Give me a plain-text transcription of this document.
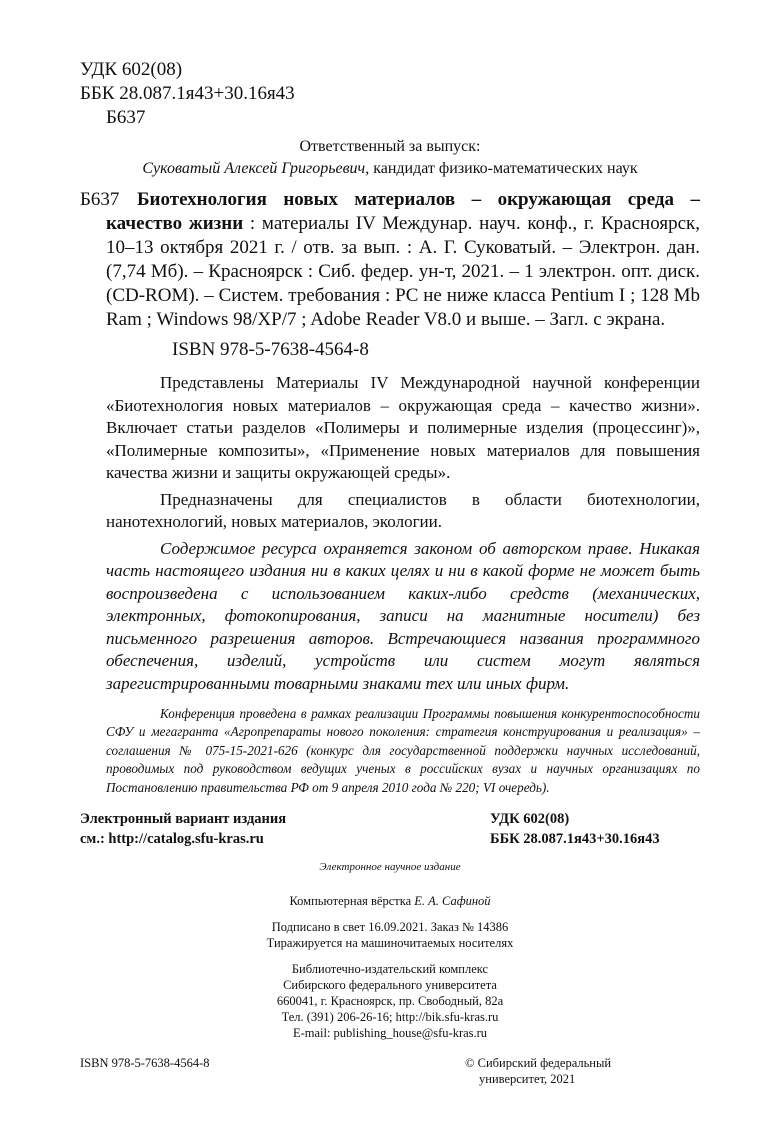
УДК 602(08)
ББК 28.087.1я43+30.16я43
Б637
Ответственный за выпуск:
Суковатый Алексей Григорьевич, кандидат физико-математических наук
Б637 Биотехнология новых материалов – окружающая среда – качество жизни : материалы IV Междунар. науч. конф., г. Красноярск, 10–13 октября 2021 г. / отв. за вып. : А. Г. Суковатый. – Электрон. дан. (7,74 Мб). – Красноярск : Сиб. федер. ун-т, 2021. – 1 электрон. опт. диск. (CD-ROM). – Систем. требования : PC не ниже класса Pentium I ; 128 Mb Ram ; Windows 98/XP/7 ; Adobe Reader V8.0 и выше. – Загл. с экрана.
ISBN 978-5-7638-4564-8

Представлены Материалы IV Международной научной конференции «Биотехнология новых материалов – окружающая среда – качество жизни». Включает статьи разделов «Полимеры и полимерные изделия (процессинг)», «Полимерные композиты», «Применение новых материалов для повышения качества жизни и защиты окружающей среды».

Предназначены для специалистов в области биотехнологии, нанотехнологий, новых материалов, экологии.

Содержимое ресурса охраняется законом об авторском праве. Никакая часть настоящего издания ни в каких целях и ни в какой форме не может быть воспроизведена с использованием каких-либо средств (механических, электронных, фотокопирования, записи на магнитные носители) без письменного разрешения авторов. Встречающиеся названия программного обеспечения, изделий, устройств или систем могут являться зарегистрированными товарными знаками тех или иных фирм.

Конференция проведена в рамках реализации Программы повышения конкурентоспособности СФУ и мегагранта «Агропрепараты нового поколения: стратегия конструирования и реализация» – соглашения № 075-15-2021-626 (конкурс для государственной поддержки научных исследований, проводимых под руководством ведущих ученых в российских вузах и научных организациях по Постановлению правительства РФ от 9 апреля 2010 года № 220; VI очередь).
Электронный вариант издания
см.: http://catalog.sfu-kras.ru
УДК 602(08)
ББК 28.087.1я43+30.16я43
Электронное научное издание
Компьютерная вёрстка Е. А. Сафиной
Подписано в свет 16.09.2021. Заказ № 14386
Тиражируется на машиночитаемых носителях
Библиотечно-издательский комплекс
Сибирского федерального университета
660041, г. Красноярск, пр. Свободный, 82а
Тел. (391) 206-26-16; http://bik.sfu-kras.ru
E-mail: publishing_house@sfu-kras.ru
ISBN 978-5-7638-4564-8	© Сибирский федеральный
университет, 2021
